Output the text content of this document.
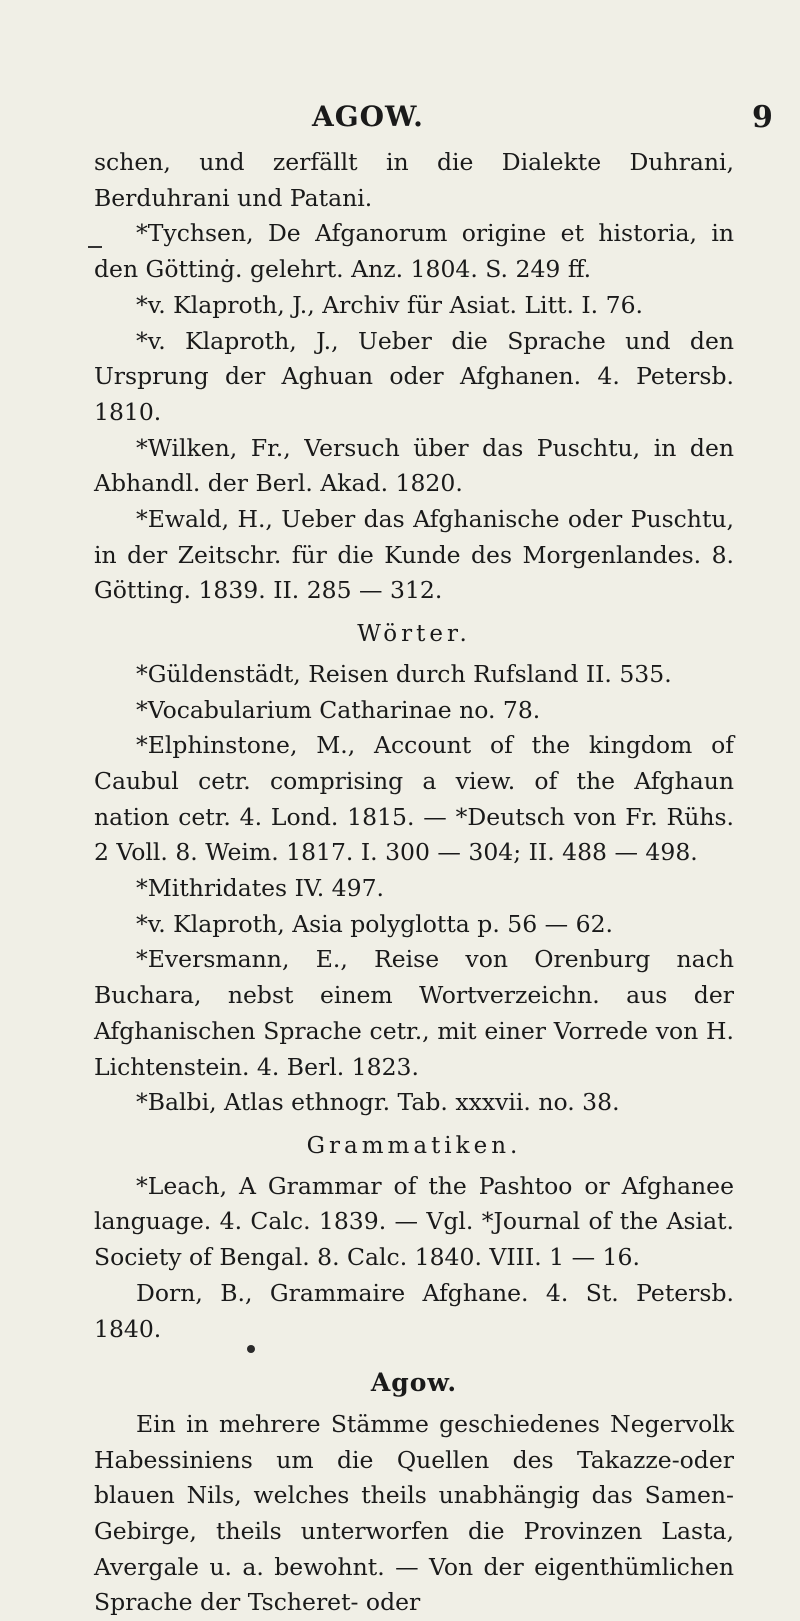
AGOW.	9

schen, und zerfällt in die Dialekte Duhrani, Berduhrani und Patani.

*Tychsen, De Afganorum origine et historia, in den Göttinġ. gelehrt. Anz. 1804. S. 249 ff.

*v. Klaproth, J., Archiv für Asiat. Litt. I. 76.

*v. Klaproth, J., Ueber die Sprache und den Ursprung der Aghuan oder Afghanen. 4. Petersb. 1810.

*Wilken, Fr., Versuch über das Puschtu, in den Abhandl. der Berl. Akad. 1820.

*Ewald, H., Ueber das Afghanische oder Puschtu, in der Zeitschr. für die Kunde des Morgenlandes. 8. Götting. 1839. II. 285 — 312.

Wörter.

*Güldenstädt, Reisen durch Rufsland II. 535.

*Vocabularium Catharinae no. 78.

*Elphinstone, M., Account of the kingdom of Caubul cetr. comprising a view. of the Afghaun nation cetr. 4. Lond. 1815. — *Deutsch von Fr. Rühs. 2 Voll. 8. Weim. 1817. I. 300 — 304; II. 488 — 498.

*Mithridates IV. 497.

*v. Klaproth, Asia polyglotta p. 56 — 62.

*Eversmann, E., Reise von Orenburg nach Buchara, nebst einem Wortverzeichn. aus der Afghanischen Sprache cetr., mit einer Vorrede von H. Lichtenstein. 4. Berl. 1823.

*Balbi, Atlas ethnogr. Tab. xxxvii. no. 38.

Grammatiken.

*Leach, A Grammar of the Pashtoo or Afghanee language. 4. Calc. 1839. — Vgl. *Journal of the Asiat. Society of Bengal. 8. Calc. 1840. VIII. 1 — 16.

Dorn, B., Grammaire Afghane. 4. St. Petersb. 1840.

Agow.

Ein in mehrere Stämme geschiedenes Negervolk Habessiniens um die Quellen des Takazze-oder blauen Nils, welches theils unabhängig das Samen-Gebirge, theils unterworfen die Provinzen Lasta, Avergale u. a. bewohnt. — Von der eigenthümlichen Sprache der Tscheret- oder
